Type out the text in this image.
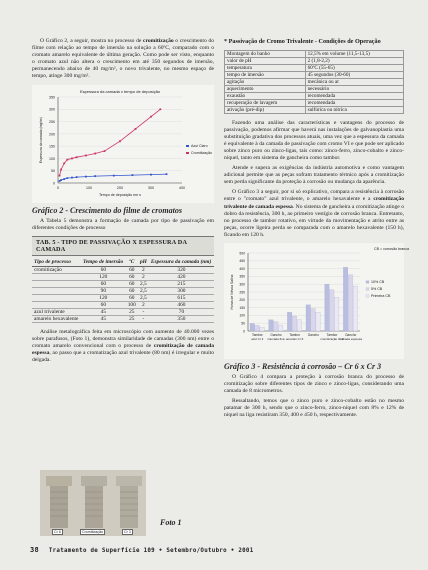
O Gráfico 2, a seguir, mostra no processo de cromitização o crescimento do filme com relação ao tempo de imersão na solução a 60ºC, comparado com o cromato amarelo equivalente de última geração. Como pode ser visto, enquanto o cromato azul não altera o crescimento em até 350 segundos de imersão, permanecendo abaixo de 40 mg/m², o novo trivalente, no mesmo espaço de tempo, atinge 300 mg/m².

Espessura da camada x tempo de deposição
0
50
100
150
200
250
300
350
0	100	200	300	400
Espessura da camada (mg/m²)
Tempo de deposição em s
Azul Claro
Cromitização
Gráfico 2 - Crescimento do filme de cromatos

A Tabela 5 demonstra a formação de camada por tipo de passivação em diferentes condições de processo

TAB. 5 - TIPO DE PASSIVAÇÃO X ESPESSURA DA CAMADA
Tipo de processo	Tempo de imersão	ºC	pH	Espessura da camada (nm)
cromitização	60	60	2	320
	120	60	2	420
	60	60	2,5	215
	90	60	2,5	300
	120	60	2,5	615
	60	100	2	460
azul trivalente	45	25	-	70
amarelo hexavalente	45	25	-	350

Análise metalográfica feita em microscópio com aumento de 40.000 vezes sobre parafusos, (Foto 1), demonstra similaridade de camadas (300 nm) entre o cromato amarelo convencional com o processo de cromitização de camada espessa, ao passo que a cromatização azul trivalente (80 nm) é irregular e muito delgada.

Cr 6	Cromitização	Cr 3
Foto 1
* Passivação de Cromo Trivalente - Condições de Operação
Montagem do banho	12,5% em volume (11,5-13,5)
valor de pH	2 (1,8-2,2)
temperatura	60ºC (55-65)
tempo de imersão	45 segundos (30-60)
agitação	mecânica ou ar
aquecimento	necessário
exaustão	recomendada
recuperação de lavagem	recomendada
ativação (pré-dip)	sulfúrica ou nítrica

Fazendo uma análise das características e vantagens do processo de passivação, podemos afirmar que haverá nas instalações de galvanoplastia uma substituição gradativa dos processos atuais, uma vez que a espessura da camada é equivalente à da camada de passivação com cromo VI e que pode ser aplicado sobre zinco puro ou zinco-ligas, tais como: zinco-ferro, zinco-cobalto e zinco-níquel, tanto em sistema de gancheira como tambor.

Atende e supera as exigências da indústria automotiva e como vantagem adicional permite que as peças sofram tratamento térmico após a cromitização sem perda significante da proteção à corrosão ou mudança da aparência.

O Gráfico 3 a seguir, por si só explicativo, compara a resistência à corrosão entre o "cromato" azul trivalente, o amarelo hexavalente e a cromitização trivalente de camada espessa. No sistema de gancheira a cromitização atinge o dobro da resistência, 300 h, ao primeiro vestígio de corrosão branca. Entretanto, no processo de tambor rotativo, em virtude da movimentação e atrito entre as peças, ocorre ligeira perda se comparada com o amarelo hexavalente (150 h), ficando em 120 h.

CB = corrosão branca
0
50
100
150
200
250
300
350
400
450
500
Horas de Névoa Salina
Tambor
azul Cr 3
Gancho
Camada fina
Tambor
amarelo Cr 6
Gancho Tambor
cromitização Cr 3
Gancho
camada espessa
10% CB
5% CB
Primeira CB
Gráfico 3 - Resistência à corrosão – Cr 6 x Cr 3

O Gráfico 4 compara a proteção à corrosão branca do processo de cromitização sobre diferentes tipos de zinco e zinco-ligas, considerando uma camada de 8 micrometros.

Ressaltando, temos que o zinco puro e zinco-cobalto estão no mesmo patamar de 300 h, sendo que o zinco-ferro, zinco-níquel com 8% e 12% de níquel na liga resistiram 350, 400 e 450 h, respectivamente.

38 Tratamento de Superfície 109 • Setembro/Outubro • 2001
